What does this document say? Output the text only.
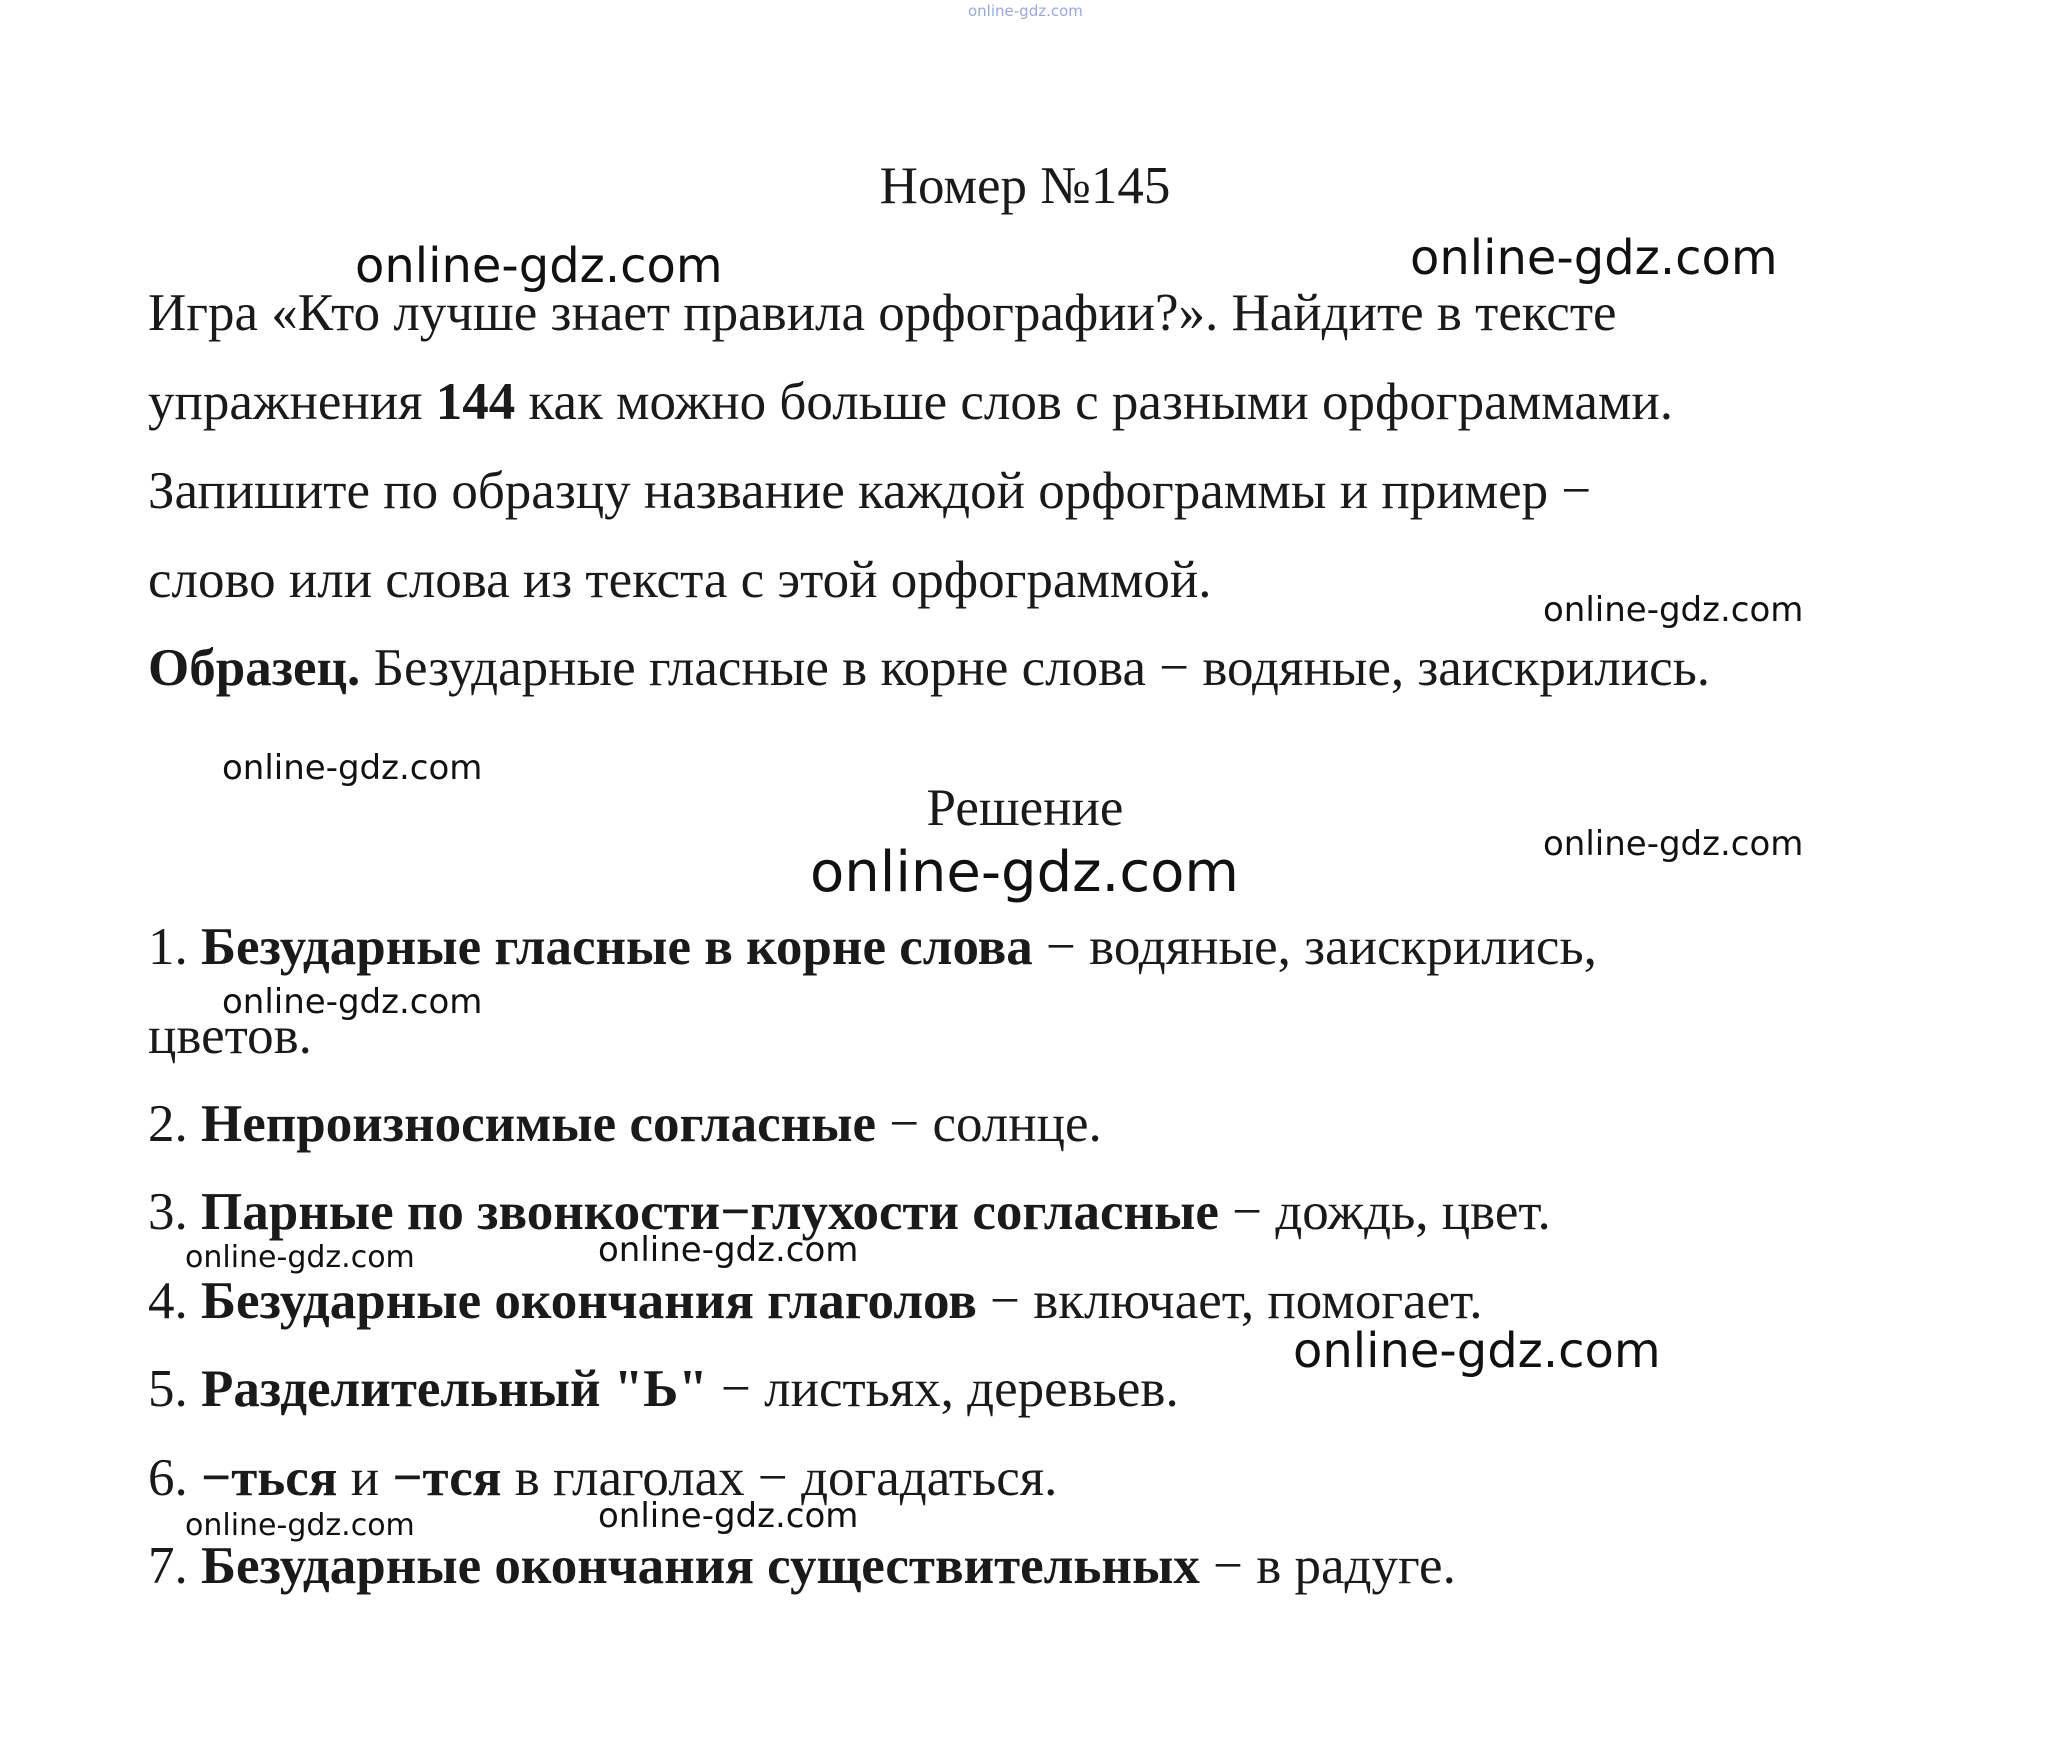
online-gdz.com
Номер №145
online-gdz.com	online-gdz.com
Игра «Кто лучше знает правила орфографии?». Найдите в тексте
упражнения 144 как можно больше слов с разными орфограммами.
Запишите по образцу название каждой орфограммы и пример −
слово или слова из текста с этой орфограммой.
online-gdz.com
Образец. Безударные гласные в корне слова − водяные, заискрились.
online-gdz.com
Решение
online-gdz.com
online-gdz.com
1. Безударные гласные в корне слова − водяные, заискрились,
цветов.
online-gdz.com
2. Непроизносимые согласные − солнце.
3. Парные по звонкости−глухости согласные − дождь, цвет.
online-gdz.com	online-gdz.com
4. Безударные окончания глаголов − включает, помогает.
5. Разделительный "Ь" − листьях, деревьев.
online-gdz.com
6. −ться и −тся в глаголах − догадаться.
online-gdz.com	online-gdz.com
7. Безударные окончания существительных − в радуге.
